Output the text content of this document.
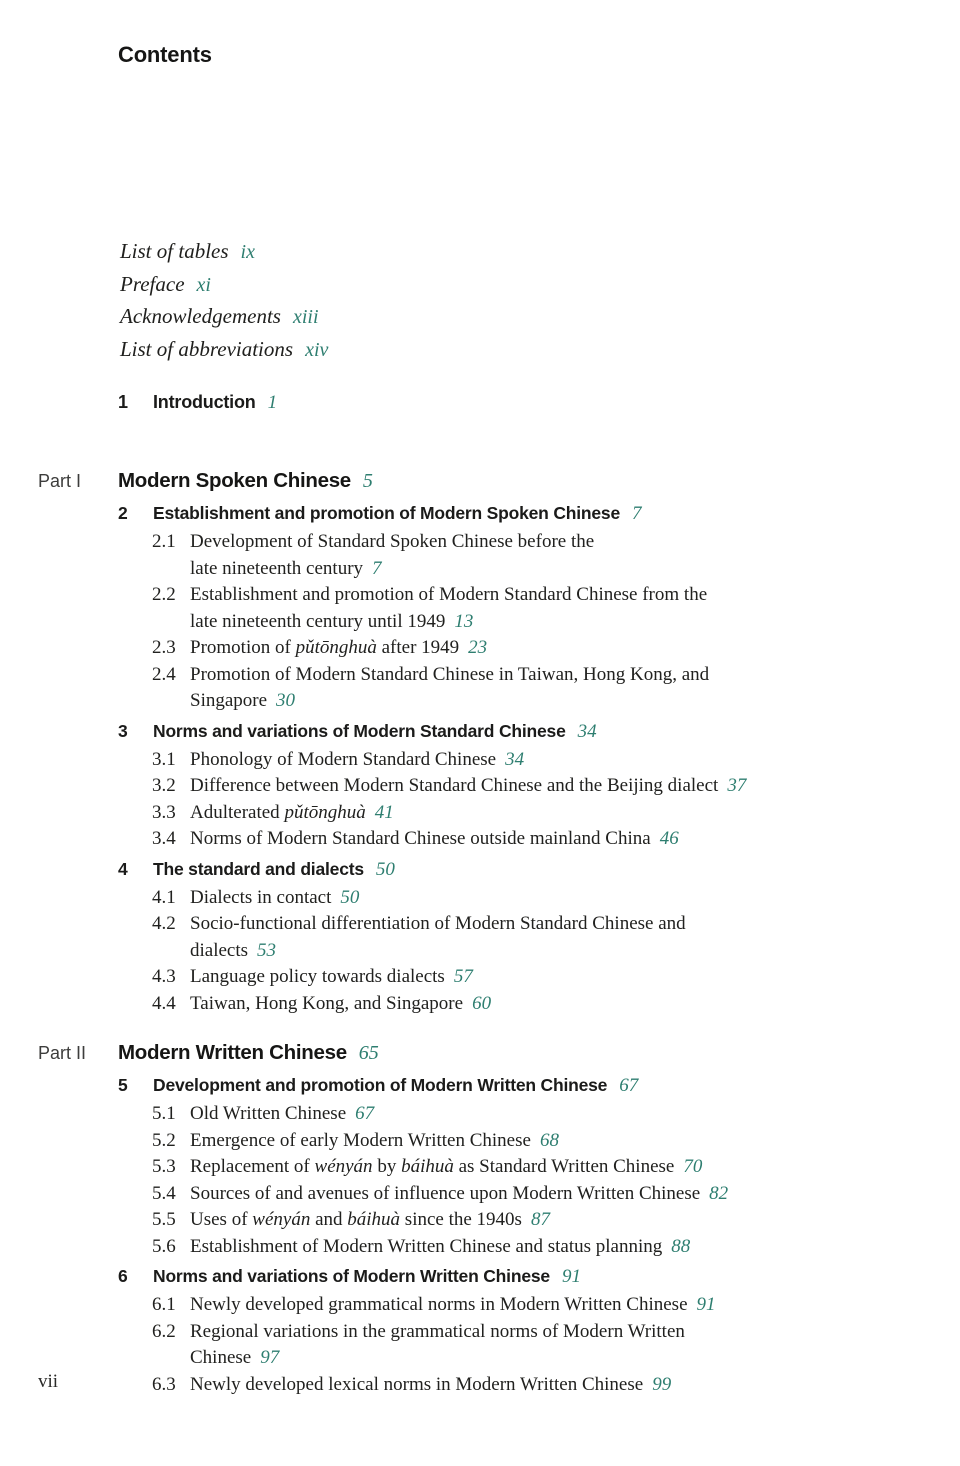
Contents
List of tables ix
Preface xi
Acknowledgements xiii
List of abbreviations xiv
1	Introduction 1
Part I	Modern Spoken Chinese 5
2	Establishment and promotion of Modern Spoken Chinese 7
2.1 Development of Standard Spoken Chinese before the
late nineteenth century 7
2.2 Establishment and promotion of Modern Standard Chinese from the
late nineteenth century until 1949 13
2.3 Promotion of pǔtōnghuà after 1949 23
2.4 Promotion of Modern Standard Chinese in Taiwan, Hong Kong, and
Singapore 30
3	Norms and variations of Modern Standard Chinese 34
3.1 Phonology of Modern Standard Chinese 34
3.2 Difference between Modern Standard Chinese and the Beijing dialect 37
3.3 Adulterated pǔtōnghuà 41
3.4 Norms of Modern Standard Chinese outside mainland China 46
4	The standard and dialects 50
4.1 Dialects in contact 50
4.2 Socio-functional differentiation of Modern Standard Chinese and
dialects 53
4.3 Language policy towards dialects 57
4.4 Taiwan, Hong Kong, and Singapore 60
Part II	Modern Written Chinese 65
5	Development and promotion of Modern Written Chinese 67
5.1 Old Written Chinese 67
5.2 Emergence of early Modern Written Chinese 68
5.3 Replacement of wényán by báihuà as Standard Written Chinese 70
5.4 Sources of and avenues of influence upon Modern Written Chinese 82
5.5 Uses of wényán and báihuà since the 1940s 87
5.6 Establishment of Modern Written Chinese and status planning 88
6	Norms and variations of Modern Written Chinese 91
6.1 Newly developed grammatical norms in Modern Written Chinese 91
6.2 Regional variations in the grammatical norms of Modern Written
Chinese 97
6.3 Newly developed lexical norms in Modern Written Chinese 99
vii
